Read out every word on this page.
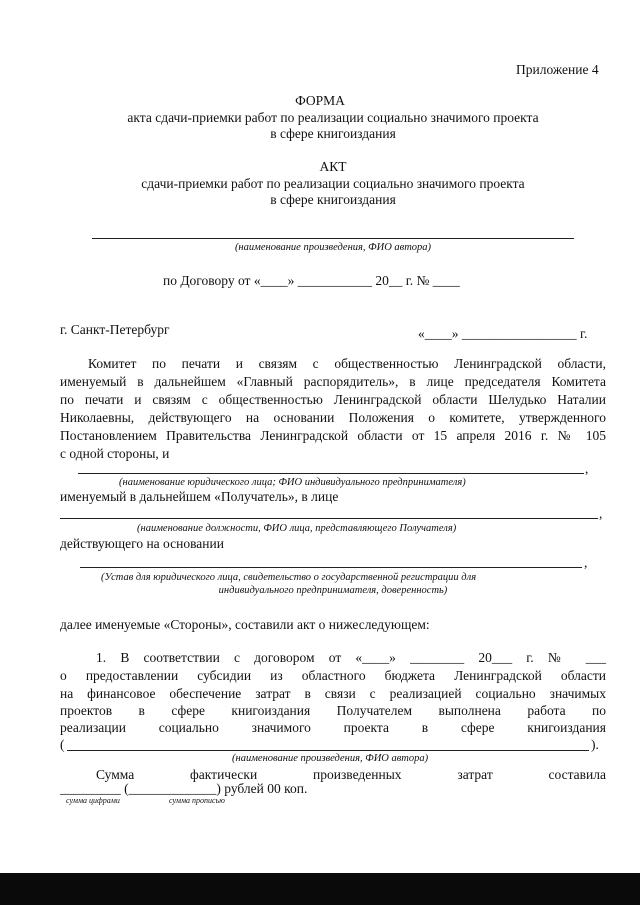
Приложение 4
ФОРМА
акта сдачи-приемки работ по реализации социально значимого проекта
в сфере книгоиздания
АКТ
сдачи-приемки работ по реализации социально значимого проекта
в сфере книгоиздания
(наименование произведения, ФИО автора)
по Договору от «____» ___________ 20__ г. № ____
г. Санкт-Петербург	«____» _________________ г.
Комитет по печати и связям с общественностью Ленинградской области,
именуемый в дальнейшем «Главный распорядитель», в лице председателя Комитета
по печати и связям с общественностью Ленинградской области Шелудько Наталии
Николаевны, действующего на основании Положения о комитете, утвержденного
Постановлением Правительства Ленинградской области от 15 апреля 2016 г. № 105
с одной стороны, и
,
(наименование юридического лица; ФИО индивидуального предпринимателя)
именуемый в дальнейшем «Получатель», в лице
,
(наименование должности, ФИО лица, представляющего Получателя)
действующего на основании
,
(Устав для юридического лица, свидетельство о государственной регистрации для
индивидуального предпринимателя, доверенность)
далее именуемые «Стороны», составили акт о нижеследующем:
1. В соответствии с договором от «____» ________ 20___ г. № ___
о предоставлении субсидии из областного бюджета Ленинградской области
на финансовое обеспечение затрат в связи с реализацией социально значимых
проектов в сфере книгоиздания Получателем выполнена работа по
реализации социально значимого проекта в сфере книгоиздания
(	).
(наименование произведения, ФИО автора)
Сумма фактически произведенных затрат составила
_________ (_____________) рублей 00 коп.
сумма цифрами	сумма прописью
